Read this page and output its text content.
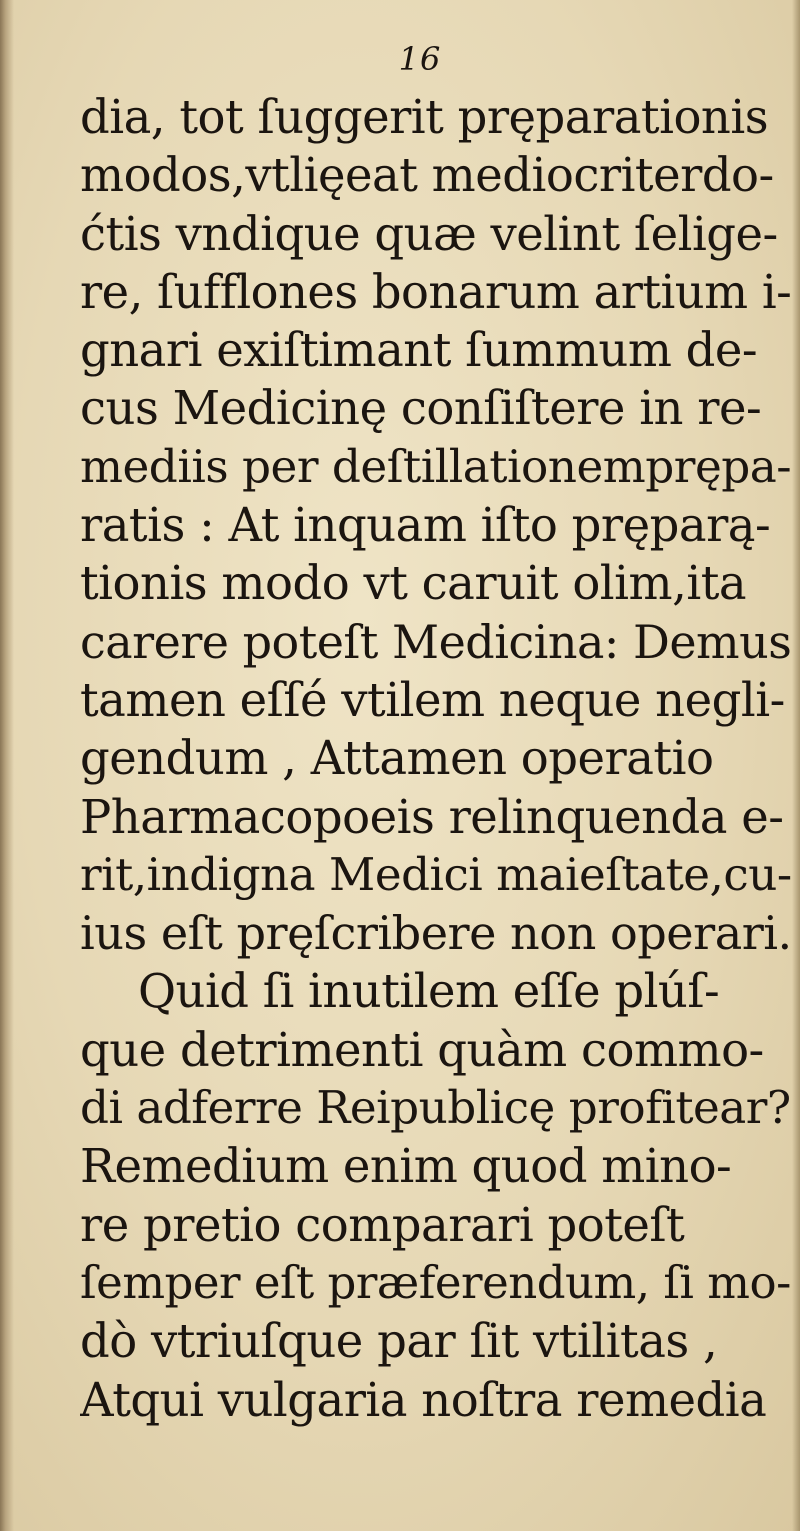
16
dia, tot ſuggerit pręparationis
modos,vtlięeat mediocriterdo-
ćtis vndique quæ velint ſelige-
re, ſufflones bonarum artium i-
gnari exiſtimant ſummum de-
cus Medicinę conſiſtere in re-
mediis per deſtillationemprępa-
ratis : At inquam iſto pręparą-
tionis modo vt caruit olim,ita
carere poteſt Medicina: Demus
tamen eſſé vtilem neque negli-
gendum , Attamen operatio
Pharmacopoeis relinquenda e-
rit,indigna Medici maieſtate,cu-
ius eſt pręſcribere non operari.
Quid ſi inutilem eſſe plúſ-
que detrimenti quàm commo-
di adferre Reipublicę profitear?
Remedium enim quod mino-
re pretio comparari poteſt
ſemper eſt præferendum, ſi mo-
dò vtriuſque par ſit vtilitas ,
Atqui vulgaria noſtra remedia
